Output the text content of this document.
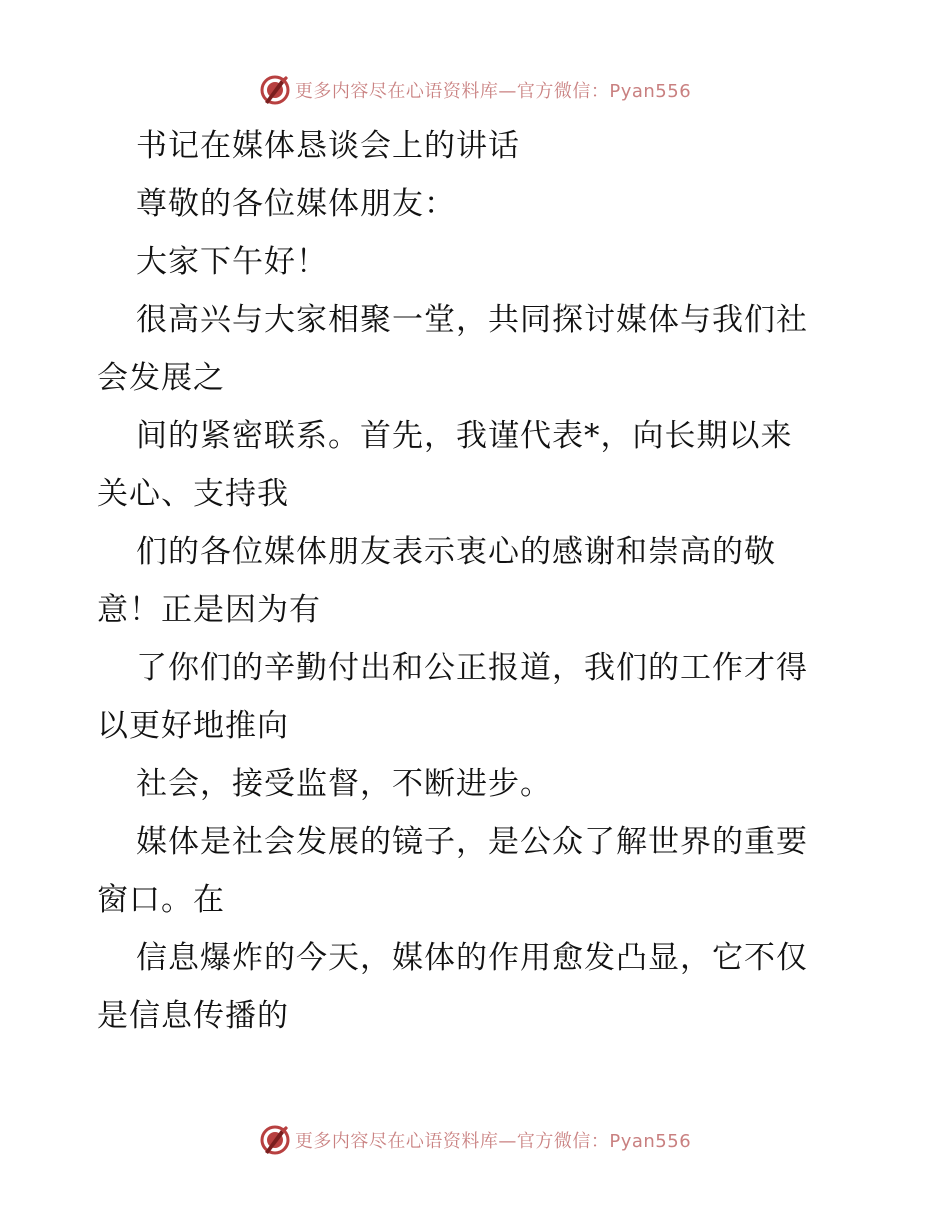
更多内容尽在心语资料库—官方微信：Pyan556
书记在媒体恳谈会上的讲话
尊敬的各位媒体朋友：
大家下午好！
很高兴与大家相聚一堂，共同探讨媒体与我们社
会发展之
间的紧密联系。首先，我谨代表*，向长期以来
关心、支持我
们的各位媒体朋友表示衷心的感谢和崇高的敬
意！正是因为有
了你们的辛勤付出和公正报道，我们的工作才得
以更好地推向
社会，接受监督，不断进步。
媒体是社会发展的镜子，是公众了解世界的重要
窗口。在
信息爆炸的今天，媒体的作用愈发凸显，它不仅
是信息传播的
更多内容尽在心语资料库—官方微信：Pyan556
